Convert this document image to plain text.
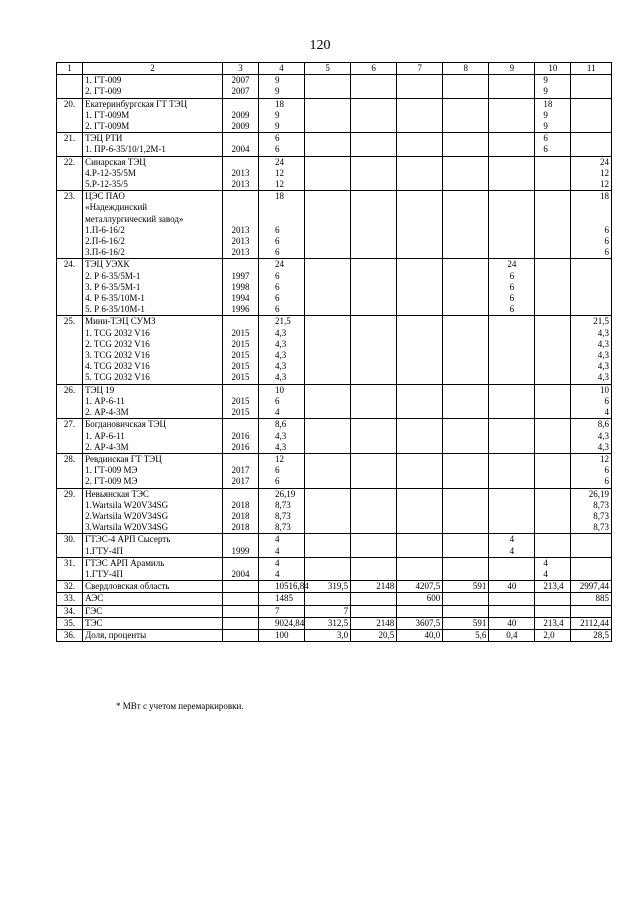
120
1	2	3	4	5	6	7	8	9	10	11
	1. ГТ-009	2007	9						9	
	2. ГТ-009	2007	9						9	
20.	Екатеринбургская ГТ ТЭЦ		18						18	
	1. ГТ-009М	2009	9						9	
	2. ГТ-009М	2009	9						9	
21.	ТЭЦ РТИ		6						6	
	1. ПР-6-35/10/1,2М-1	2004	6						6	
22.	Синарская ТЭЦ		24							24
	4.Р-12-35/5М	2013	12							12
	5.Р-12-35/5	2013	12							12
23.	ЦЭС ПАО		18							18
	«Надеждинский									
	металлургический завод»									
	1.П-6-16/2	2013	6							6
	2.П-6-16/2	2013	6							6
	3.П-6-16/2	2013	6							6
24.	ТЭЦ УЭХК		24					24		
	2. Р 6-35/5М-1	1997	6					6		
	3. Р 6-35/5М-1	1998	6					6		
	4. Р 6-35/10М-1	1994	6					6		
	5. Р 6-35/10М-1	1996	6					6		
25.	Мини-ТЭЦ СУМЗ		21,5							21,5
	1. TCG 2032 V16	2015	4,3							4,3
	2. TCG 2032 V16	2015	4,3							4,3
	3. TCG 2032 V16	2015	4,3							4,3
	4. TCG 2032 V16	2015	4,3							4,3
	5. TCG 2032 V16	2015	4,3							4,3
26.	ТЭЦ 19		10							10
	1. АР-6-11	2015	6							6
	2. АР-4-3М	2015	4							4
27.	Богдановичская ТЭЦ		8,6							8,6
	1. АР-6-11	2016	4,3							4,3
	2. АР-4-3М	2016	4,3							4,3
28.	Ревдинская ГТ ТЭЦ		12							12
	1. ГТ-009 МЭ	2017	6							6
	2. ГТ-009 МЭ	2017	6							6
29.	Невьянская ТЭС		26,19							26,19
	1.Wartsila W20V34SG	2018	8,73							8,73
	2.Wartsila W20V34SG	2018	8,73							8,73
	3.Wartsila W20V34SG	2018	8,73							8,73
30.	ГТЭС-4 АРП Сысерть		4					4		
	1.ГТУ-4П	1999	4					4		
31.	ГТЭС АРП Арамиль		4						4	
	1.ГТУ-4П	2004	4						4	
32.	Свердловская область		10516,84	319,5	2148	4207,5	591	40	213,4	2997,44
33.	АЭС		1485			600				885
34.	ГЭС		7	7						
35.	ТЭС		9024,84	312,5	2148	3607,5	591	40	213,4	2112,44
36.	Доля, проценты		100	3,0	20,5	40,0	5,6	0,4	2,0	28,5
* МВт с учетом перемаркировки.
